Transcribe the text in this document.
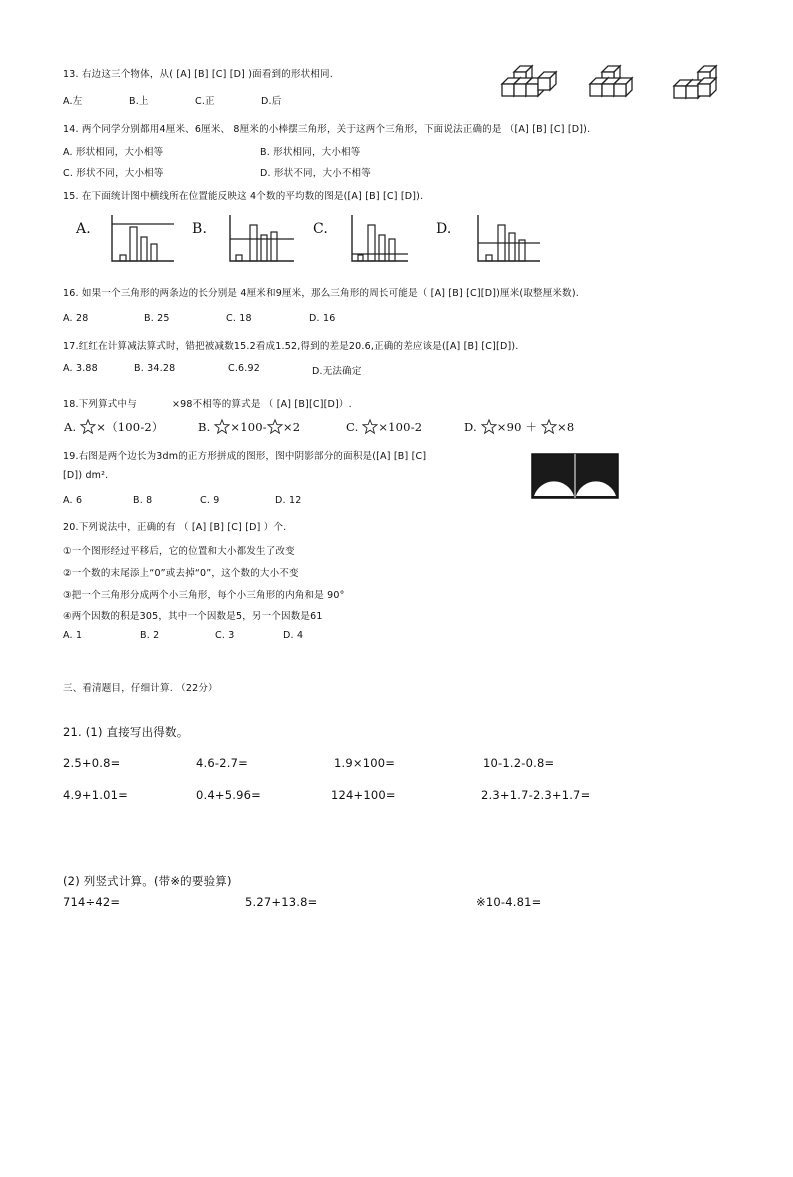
13. 右边这三个物体，从( [A] [B] [C] [D] )面看到的形状相同.
A.左	B.上	C.正	D.后
14. 两个同学分别都用4厘米、6厘米、 8厘米的小棒摆三角形，关于这两个三角形，下面说法正确的是 （[A] [B] [C] [D]).
A. 形状相同，大小相等	B. 形状相同，大小相等
C. 形状不同，大小相等	D. 形状不同，大小不相等
15. 在下面统计图中横线所在位置能反映这 4个数的平均数的图是([A] [B] [C] [D]).
A.	B.	C.	D.
16. 如果一个三角形的两条边的长分别是 4厘米和9厘米，那么三角形的周长可能是（ [A] [B] [C][D])厘米(取整厘米数).
A. 28	B. 25	C. 18	D. 16
17.红红在计算减法算式时，错把被减数15.2看成1.52,得到的差是20.6,正确的差应该是([A] [B] [C][D]).
A. 3.88	B. 34.28	C.6.92	D.无法确定
18.下列算式中与	×98不相等的算式是 （ [A] [B][C][D]）.
A. ×（100-2）	B. ×100- ×2	C. ×100-2	D. ×90 ＋ ×8
19.右图是两个边长为3dm的正方形拼成的图形，图中阴影部分的面积是([A] [B] [C]
[D]) dm².
A. 6	B. 8	C. 9	D. 12
20.下列说法中，正确的有 （ [A] [B] [C] [D] ）个.
①一个图形经过平移后，它的位置和大小都发生了改变
②一个数的末尾添上“0”或去掉“0”，这个数的大小不变
③把一个三角形分成两个小三角形，每个小三角形的内角和是 90°
④两个因数的积是305，其中一个因数是5，另一个因数是61
A. 1	B. 2	C. 3	D. 4
三、看清题目，仔细计算. （22分）
21. (1) 直接写出得数。
2.5+0.8=	4.6-2.7=	1.9×100=	10-1.2-0.8=
4.9+1.01=	0.4+5.96=	124+100=	2.3+1.7-2.3+1.7=
(2) 列竖式计算。(带※的要验算)
714÷42=	5.27+13.8=	※10-4.81=
